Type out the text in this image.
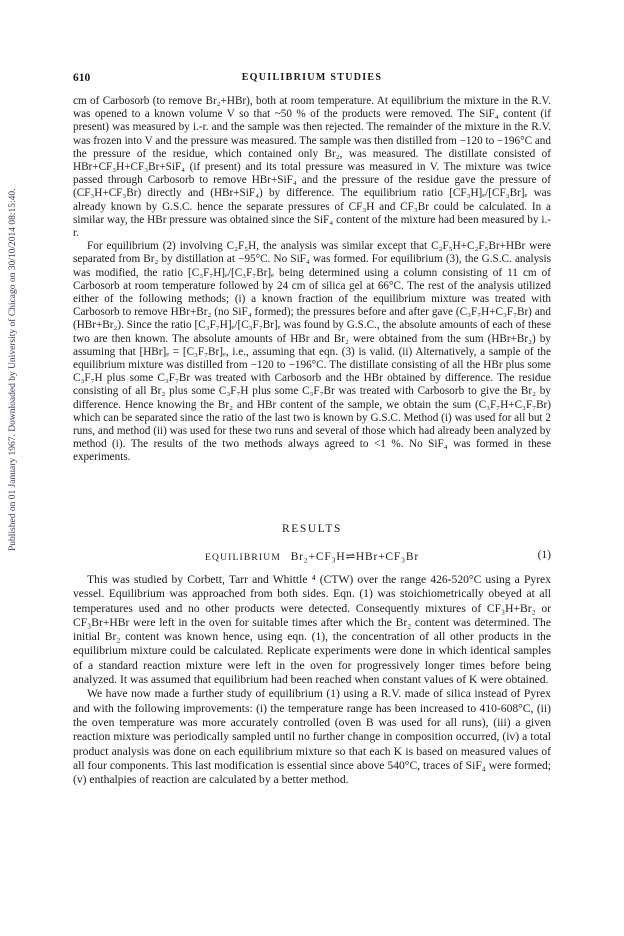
Published on 01 January 1967. Downloaded by University of Chicago on 30/10/2014 08:15:40.
610	EQUILIBRIUM STUDIES

cm of Carbosorb (to remove Br₂+HBr), both at room temperature. At equilibrium the mixture in the R.V. was opened to a known volume V so that ~50 % of the products were removed. The SiF₄ content (if present) was measured by i.-r. and the sample was then rejected. The remainder of the mixture in the R.V. was frozen into V and the pressure was measured. The sample was then distilled from −120 to −196°C and the pressure of the residue, which contained only Br₂, was measured. The distillate consisted of HBr+CF₃H+CF₃Br+SiF₄ (if present) and its total pressure was measured in V. The mixture was twice passed through Carbosorb to remove HBr+SiF₄ and the pressure of the residue gave the pressure of (CF₃H+CF₃Br) directly and (HBr+SiF₄) by difference. The equilibrium ratio [CF₃H]ₑ/[CF₃Br]ₑ was already known by G.S.C. hence the separate pressures of CF₃H and CF₃Br could be calculated. In a similar way, the HBr pressure was obtained since the SiF₄ content of the mixture had been measured by i.-r.

For equilibrium (2) involving C₂F₅H, the analysis was similar except that C₂F₅H+C₂F₅Br+HBr were separated from Br₂ by distillation at −95°C. No SiF₄ was formed. For equilibrium (3), the G.S.C. analysis was modified, the ratio [C₃F₇H]ₑ/[C₃F₇Br]ₑ being determined using a column consisting of 11 cm of Carbosorb at room temperature followed by 24 cm of silica gel at 66°C. The rest of the analysis utilized either of the following methods; (i) a known fraction of the equilibrium mixture was treated with Carbosorb to remove HBr+Br₂ (no SiF₄ formed); the pressures before and after gave (C₃F₇H+C₃F₇Br) and (HBr+Br₂). Since the ratio [C₃F₇H]ₑ/[C₃F₇Br]ₑ was found by G.S.C., the absolute amounts of each of these two are then known. The absolute amounts of HBr and Br₂ were obtained from the sum (HBr+Br₂) by assuming that [HBr]ₑ = [C₃F₇Br]ₑ, i.e., assuming that eqn. (3) is valid. (ii) Alternatively, a sample of the equilibrium mixture was distilled from −120 to −196°C. The distillate consisting of all the HBr plus some C₃F₇H plus some C₃F₇Br was treated with Carbosorb and the HBr obtained by difference. The residue consisting of all Br₂ plus some C₃F₇H plus some C₃F₇Br was treated with Carbosorb to give the Br₂ by difference. Hence knowing the Br₂ and HBr content of the sample, we obtain the sum (C₃F₇H+C₃F₇Br) which can be separated since the ratio of the last two is known by G.S.C. Method (i) was used for all but 2 runs, and method (ii) was used for these two runs and several of those which had already been analyzed by method (i). The results of the two methods always agreed to <1 %. No SiF₄ was formed in these experiments.

RESULTS
EQUILIBRIUM Br₂+CF₃H⇌HBr+CF₃Br	(1)

This was studied by Corbett, Tarr and Whittle ⁴ (CTW) over the range 426-520°C using a Pyrex vessel. Equilibrium was approached from both sides. Eqn. (1) was stoichiometrically obeyed at all temperatures used and no other products were detected. Consequently mixtures of CF₃H+Br₂ or CF₃Br+HBr were left in the oven for suitable times after which the Br₂ content was determined. The initial Br₂ content was known hence, using eqn. (1), the concentration of all other products in the equilibrium mixture could be calculated. Replicate experiments were done in which identical samples of a standard reaction mixture were left in the oven for progressively longer times before being analyzed. It was assumed that equilibrium had been reached when constant values of K were obtained.

We have now made a further study of equilibrium (1) using a R.V. made of silica instead of Pyrex and with the following improvements: (i) the temperature range has been increased to 410-608°C, (ii) the oven temperature was more accurately controlled (oven B was used for all runs), (iii) a given reaction mixture was periodically sampled until no further change in composition occurred, (iv) a total product analysis was done on each equilibrium mixture so that each K is based on measured values of all four components. This last modification is essential since above 540°C, traces of SiF₄ were formed; (v) enthalpies of reaction are calculated by a better method.
